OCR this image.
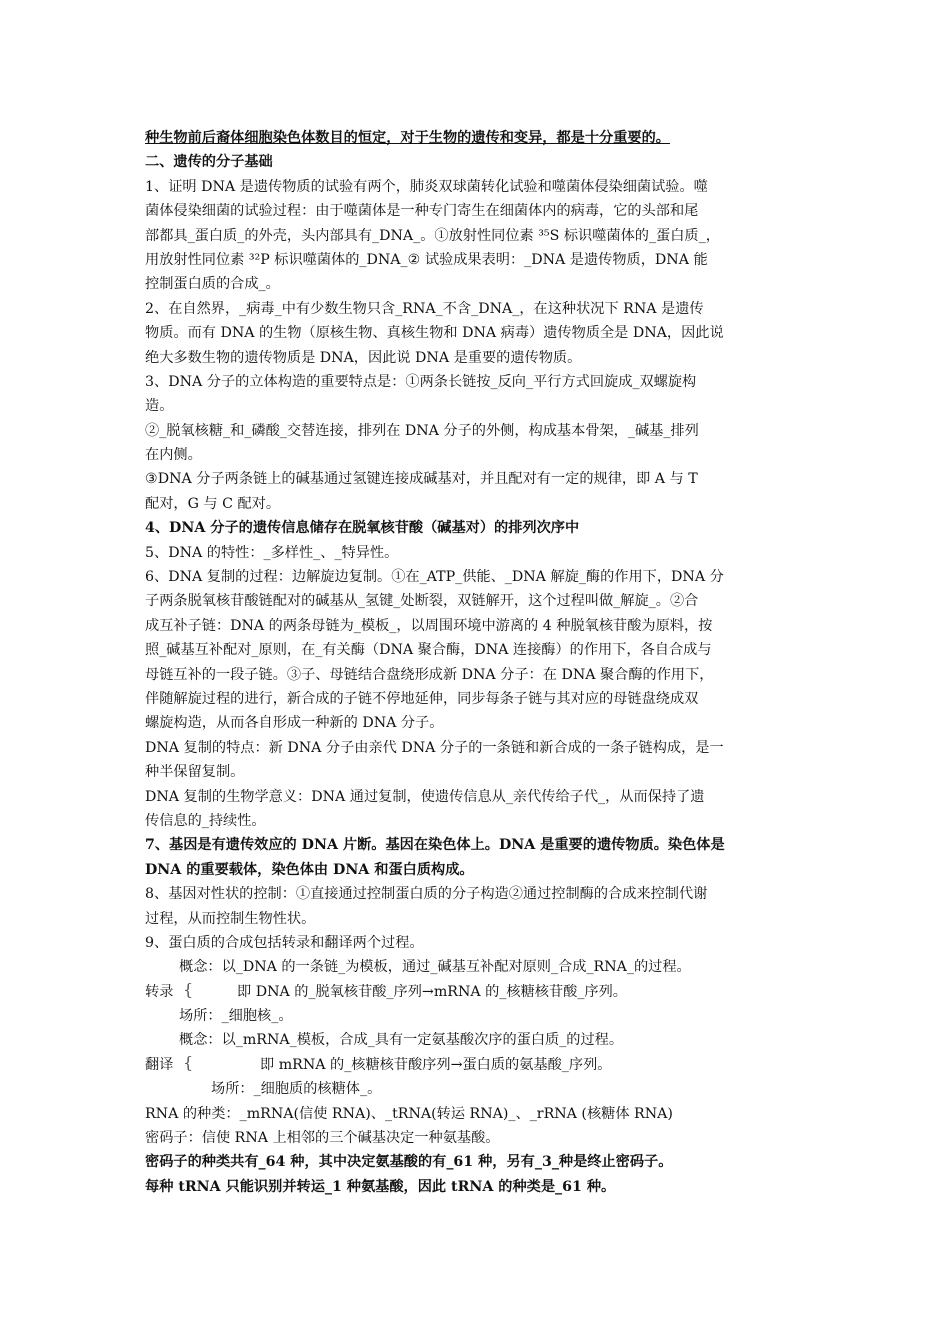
种生物前后裔体细胞染色体数目的恒定，对于生物的遗传和变异，都是十分重要的。
二、遗传的分子基础
1、证明 DNA 是遗传物质的试验有两个，肺炎双球菌转化试验和噬菌体侵染细菌试验。噬
菌体侵染细菌的试验过程：由于噬菌体是一种专门寄生在细菌体内的病毒，它的头部和尾
部都具_蛋白质_的外壳，头内部具有_DNA_。①放射性同位素 ³⁵S 标识噬菌体的_蛋白质_，
用放射性同位素 ³²P 标识噬菌体的_DNA_② 试验成果表明：_DNA 是遗传物质，DNA 能
控制蛋白质的合成_。
2、在自然界，_病毒_中有少数生物只含_RNA_不含_DNA_，在这种状况下 RNA 是遗传
物质。而有 DNA 的生物（原核生物、真核生物和 DNA 病毒）遗传物质全是 DNA，因此说
绝大多数生物的遗传物质是 DNA，因此说 DNA 是重要的遗传物质。
3、DNA 分子的立体构造的重要特点是：①两条长链按_反向_平行方式回旋成_双螺旋构
造。
②_脱氧核糖_和_磷酸_交替连接，排列在 DNA 分子的外侧，构成基本骨架，_碱基_排列
在内侧。
③DNA 分子两条链上的碱基通过氢键连接成碱基对，并且配对有一定的规律，即 A 与 T
配对，G 与 C 配对。
4、DNA 分子的遗传信息储存在脱氧核苷酸（碱基对）的排列次序中
5、DNA 的特性：_多样性_、_特异性。
6、DNA 复制的过程：边解旋边复制。①在_ATP_供能、_DNA 解旋_酶的作用下，DNA 分
子两条脱氧核苷酸链配对的碱基从_氢键_处断裂，双链解开，这个过程叫做_解旋_。②合
成互补子链：DNA 的两条母链为_模板_，以周围环境中游离的 4 种脱氧核苷酸为原料，按
照_碱基互补配对_原则，在_有关酶（DNA 聚合酶，DNA 连接酶）的作用下，各自合成与
母链互补的一段子链。③子、母链结合盘绕形成新 DNA 分子：在 DNA 聚合酶的作用下，
伴随解旋过程的进行，新合成的子链不停地延伸，同步每条子链与其对应的母链盘绕成双
螺旋构造，从而各自形成一种新的 DNA 分子。
DNA 复制的特点：新 DNA 分子由亲代 DNA 分子的一条链和新合成的一条子链构成，是一
种半保留复制。
DNA 复制的生物学意义：DNA 通过复制，使遗传信息从_亲代传给子代_，从而保持了遗
传信息的_持续性。
7、基因是有遗传效应的 DNA 片断。基因在染色体上。DNA 是重要的遗传物质。染色体是
DNA 的重要载体，染色体由 DNA 和蛋白质构成。
8、基因对性状的控制：①直接通过控制蛋白质的分子构造②通过控制酶的合成来控制代谢
过程，从而控制生物性状。
9、蛋白质的合成包括转录和翻译两个过程。
概念：以_DNA 的一条链_为模板，通过_碱基互补配对原则_合成_RNA_的过程。
转录 {	即 DNA 的_脱氧核苷酸_序列→mRNA 的_核糖核苷酸_序列。
场所：_细胞核_。
概念：以_mRNA_模板，合成_具有一定氨基酸次序的蛋白质_的过程。
翻译 {	即 mRNA 的_核糖核苷酸序列→蛋白质的氨基酸_序列。
场所：_细胞质的核糖体_。
RNA 的种类：_mRNA(信使 RNA)、_tRNA(转运 RNA)_、_rRNA (核糖体 RNA)
密码子：信使 RNA 上相邻的三个碱基决定一种氨基酸。
密码子的种类共有_64 种，其中决定氨基酸的有_61 种，另有_3_种是终止密码子。
每种 tRNA 只能识别并转运_1 种氨基酸，因此 tRNA 的种类是_61 种。
